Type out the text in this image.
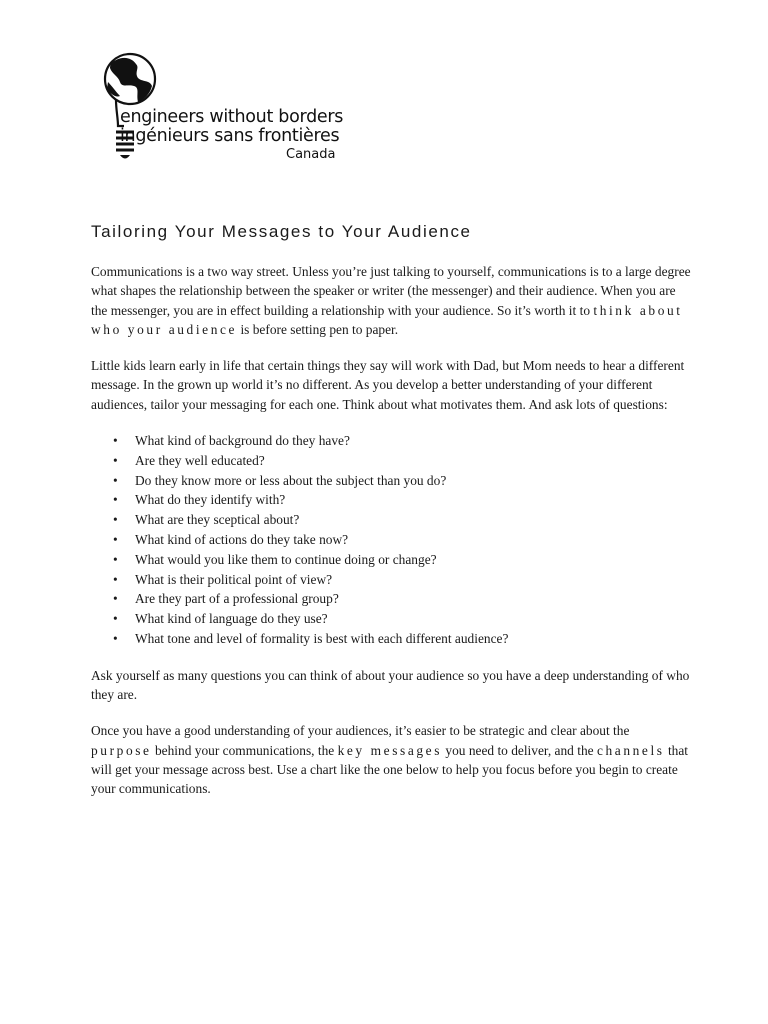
engineers without borders
ingénieurs sans frontières
Canada
Tailoring Your Messages to Your Audience

Communications is a two way street. Unless you’re just talking to yourself, communications is to a large degree what shapes the relationship between the speaker or writer (the messenger) and their audience. When you are the messenger, you are in effect building a relationship with your audience. So it’s worth it to think about who your audience is before setting pen to paper.

Little kids learn early in life that certain things they say will work with Dad, but Mom needs to hear a different message. In the grown up world it’s no different. As you develop a better understanding of your different audiences, tailor your messaging for each one. Think about what motivates them. And ask lots of questions:

• What kind of background do they have?
• Are they well educated?
• Do they know more or less about the subject than you do?
• What do they identify with?
• What are they sceptical about?
• What kind of actions do they take now?
• What would you like them to continue doing or change?
• What is their political point of view?
• Are they part of a professional group?
• What kind of language do they use?
• What tone and level of formality is best with each different audience?

Ask yourself as many questions you can think of about your audience so you have a deep understanding of who they are.

Once you have a good understanding of your audiences, it’s easier to be strategic and clear about the purpose behind your communications, the key messages you need to deliver, and the channels that will get your message across best. Use a chart like the one below to help you focus before you begin to create your communications.
